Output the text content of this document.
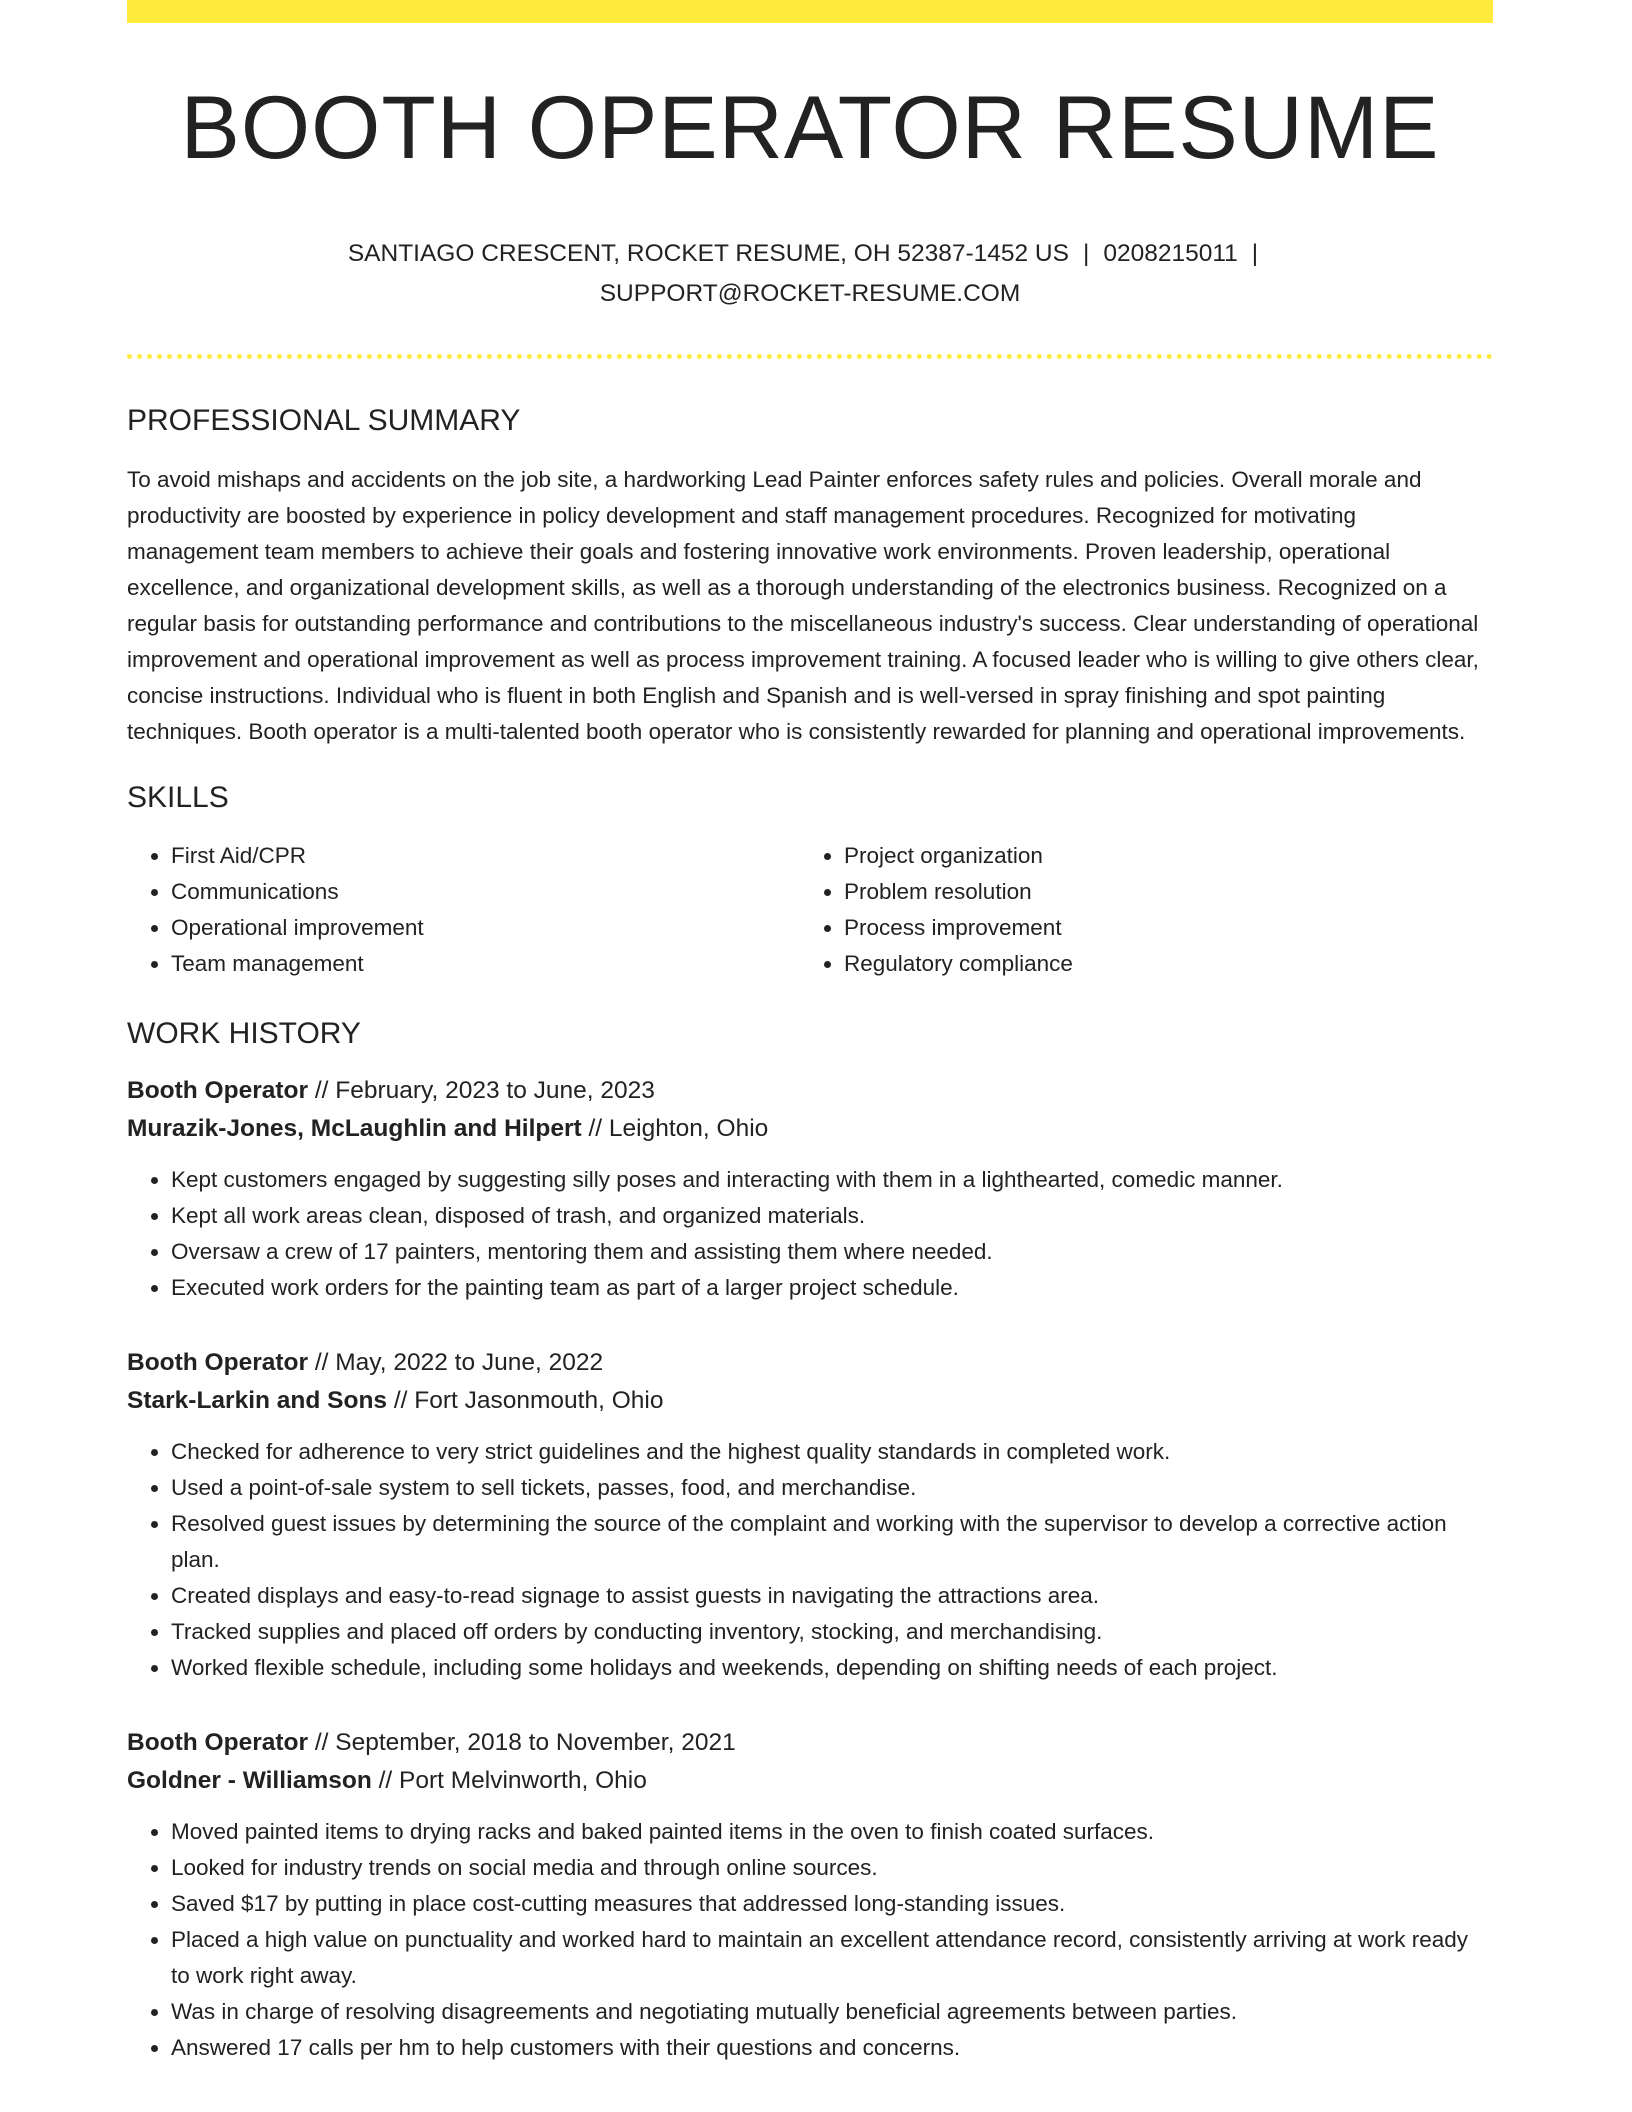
BOOTH OPERATOR RESUME
SANTIAGO CRESCENT, ROCKET RESUME, OH 52387-1452 US | 0208215011 |
SUPPORT@ROCKET-RESUME.COM
PROFESSIONAL SUMMARY

To avoid mishaps and accidents on the job site, a hardworking Lead Painter enforces safety rules and policies. Overall morale and productivity are boosted by experience in policy development and staff management procedures. Recognized for motivating management team members to achieve their goals and fostering innovative work environments. Proven leadership, operational excellence, and organizational development skills, as well as a thorough understanding of the electronics business. Recognized on a regular basis for outstanding performance and contributions to the miscellaneous industry's success. Clear understanding of operational improvement and operational improvement as well as process improvement training. A focused leader who is willing to give others clear, concise instructions. Individual who is fluent in both English and Spanish and is well-versed in spray finishing and spot painting techniques. Booth operator is a multi-talented booth operator who is consistently rewarded for planning and operational improvements.

SKILLS
• First Aid/CPR
• Communications
• Operational improvement
• Team management
• Project organization
• Problem resolution
• Process improvement
• Regulatory compliance
WORK HISTORY
Booth Operator // February, 2023 to June, 2023
Murazik-Jones, McLaughlin and Hilpert // Leighton, Ohio
• Kept customers engaged by suggesting silly poses and interacting with them in a lighthearted, comedic manner.
• Kept all work areas clean, disposed of trash, and organized materials.
• Oversaw a crew of 17 painters, mentoring them and assisting them where needed.
• Executed work orders for the painting team as part of a larger project schedule.
Booth Operator // May, 2022 to June, 2022
Stark-Larkin and Sons // Fort Jasonmouth, Ohio
• Checked for adherence to very strict guidelines and the highest quality standards in completed work.
• Used a point-of-sale system to sell tickets, passes, food, and merchandise.
• Resolved guest issues by determining the source of the complaint and working with the supervisor to develop a corrective action plan.
• Created displays and easy-to-read signage to assist guests in navigating the attractions area.
• Tracked supplies and placed off orders by conducting inventory, stocking, and merchandising.
• Worked flexible schedule, including some holidays and weekends, depending on shifting needs of each project.
Booth Operator // September, 2018 to November, 2021
Goldner - Williamson // Port Melvinworth, Ohio
• Moved painted items to drying racks and baked painted items in the oven to finish coated surfaces.
• Looked for industry trends on social media and through online sources.
• Saved $17 by putting in place cost-cutting measures that addressed long-standing issues.
• Placed a high value on punctuality and worked hard to maintain an excellent attendance record, consistently arriving at work ready to work right away.
• Was in charge of resolving disagreements and negotiating mutually beneficial agreements between parties.
• Answered 17 calls per hm to help customers with their questions and concerns.
